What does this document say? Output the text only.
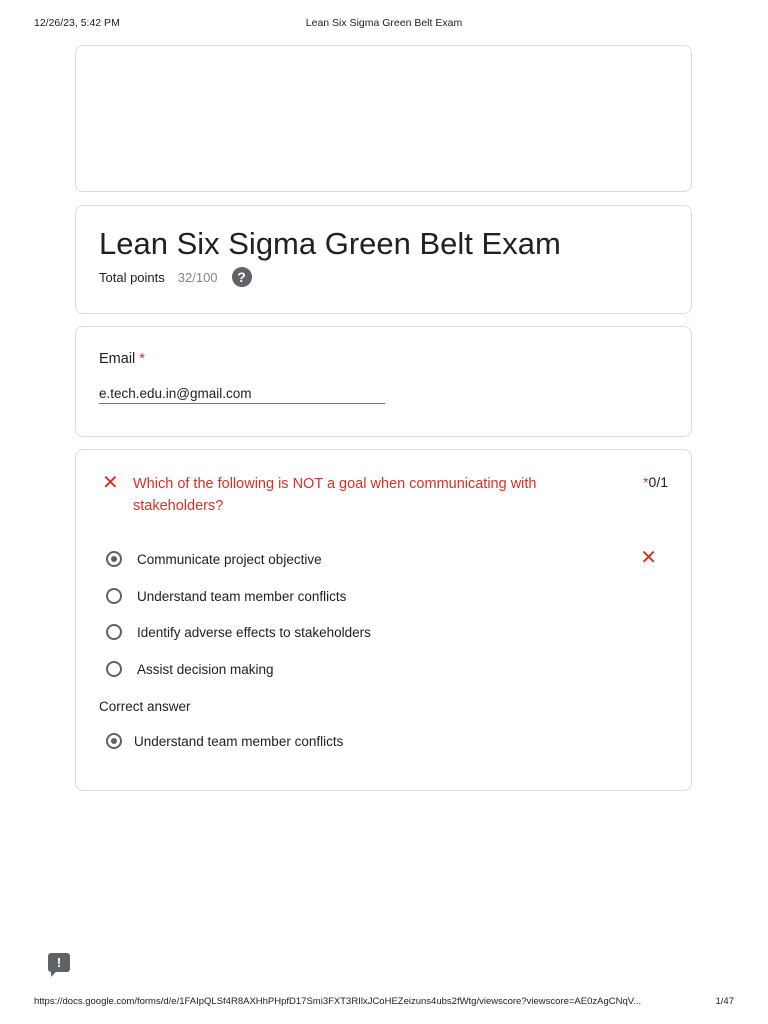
12/26/23, 5:42 PM	Lean Six Sigma Green Belt Exam
Lean Six Sigma Green Belt Exam
Total points 32/100	?
Email *
e.tech.edu.in@gmail.com
✕ Which of the following is NOT a goal when communicating with stakeholders?
*0/1
Communicate project objective	✕
Understand team member conflicts
Identify adverse effects to stakeholders
Assist decision making
Correct answer
Understand team member conflicts
!
https://docs.google.com/forms/d/e/1FAIpQLSf4R8AXHhPHpfD17Smi3FXT3RIlxJCoHEZeizuns4ubs2fWtg/viewscore?viewscore=AE0zAgCNqV...	1/47
